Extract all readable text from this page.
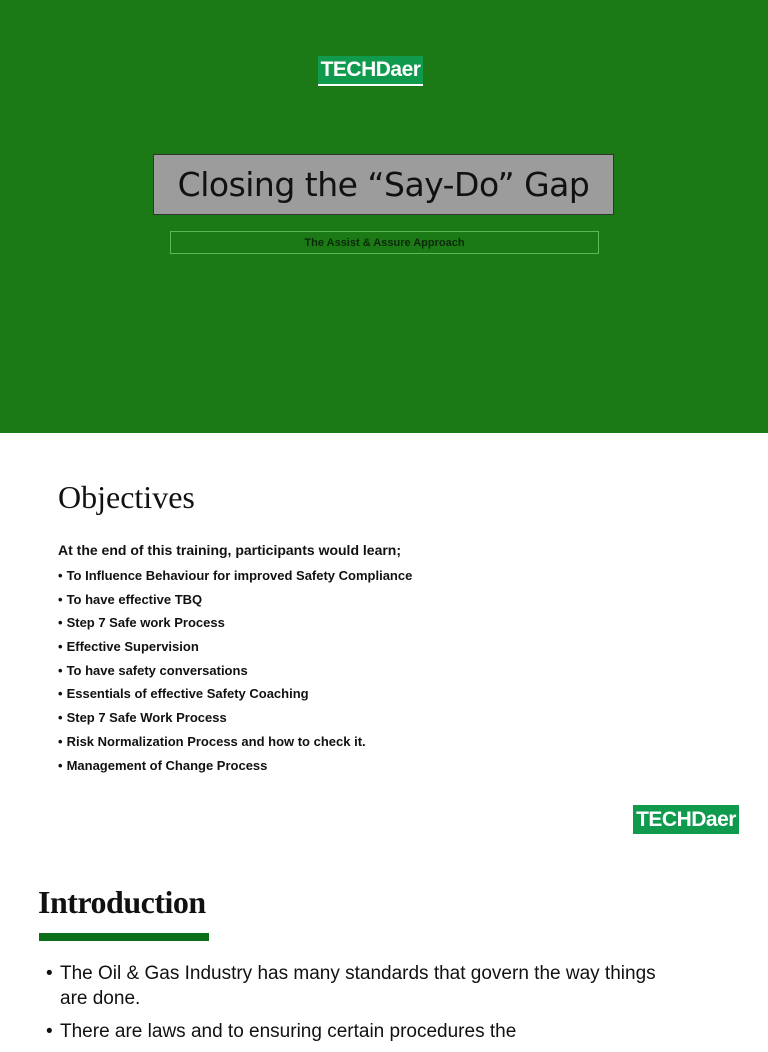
TECHDaer
Closing the “Say-Do” Gap
The Assist & Assure Approach
Objectives
At the end of this training, participants would learn;
• To Influence Behaviour for improved Safety Compliance
• To have effective TBQ
• Step 7 Safe work Process
• Effective Supervision
• To have safety conversations
• Essentials of effective Safety Coaching
• Step 7 Safe Work Process
• Risk Normalization Process and how to check it.
• Management of Change Process
TECHDaer
Introduction
• The Oil & Gas Industry has many standards that govern the way things are done.
• There are laws and to ensuring certain procedures the
